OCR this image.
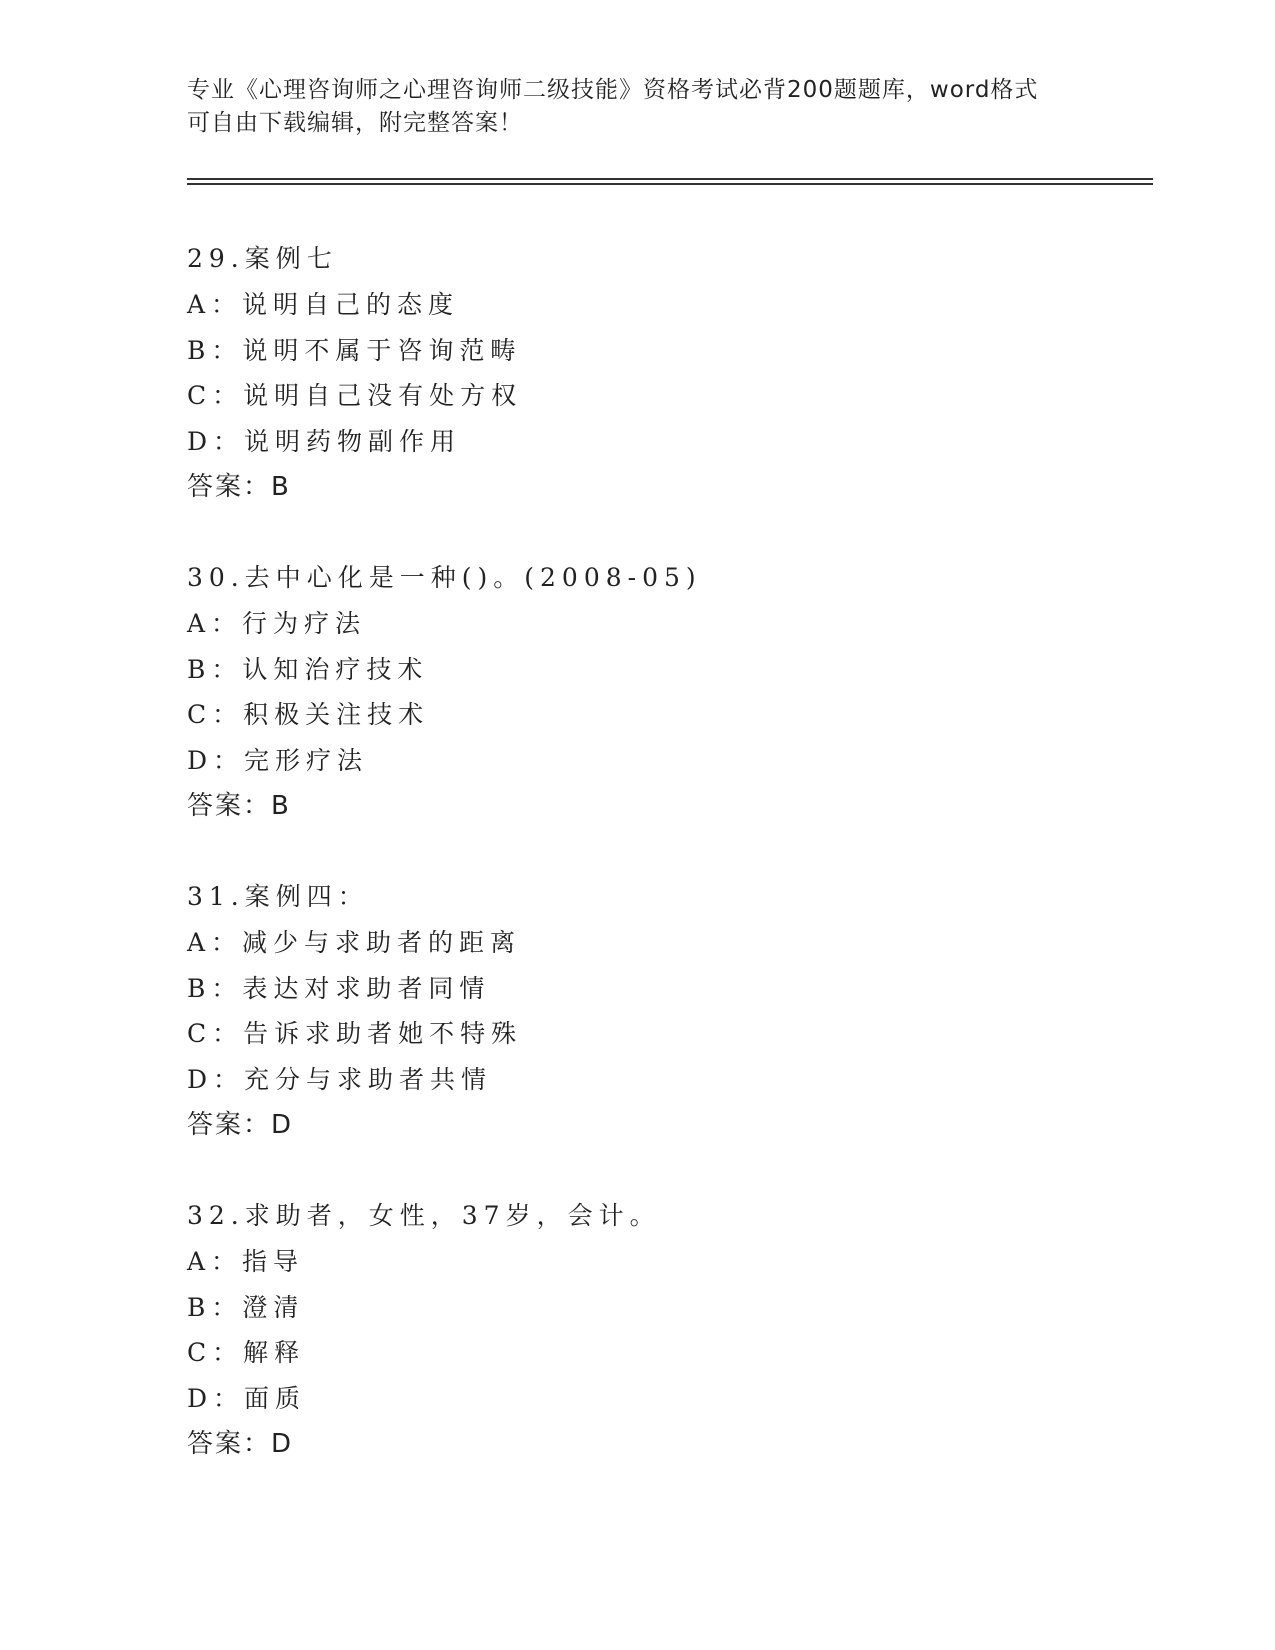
专业《心理咨询师之心理咨询师二级技能》资格考试必背200题题库，word格式
可自由下载编辑，附完整答案！
29.案例七
A：说明自己的态度
B：说明不属于咨询范畴
C：说明自己没有处方权
D：说明药物副作用
答案：B
30.去中心化是一种()。(2008-05)
A：行为疗法
B：认知治疗技术
C：积极关注技术
D：完形疗法
答案：B
31.案例四：
A：减少与求助者的距离
B：表达对求助者同情
C：告诉求助者她不特殊
D：充分与求助者共情
答案：D
32.求助者，女性，37岁，会计。
A：指导
B：澄清
C：解释
D：面质
答案：D
